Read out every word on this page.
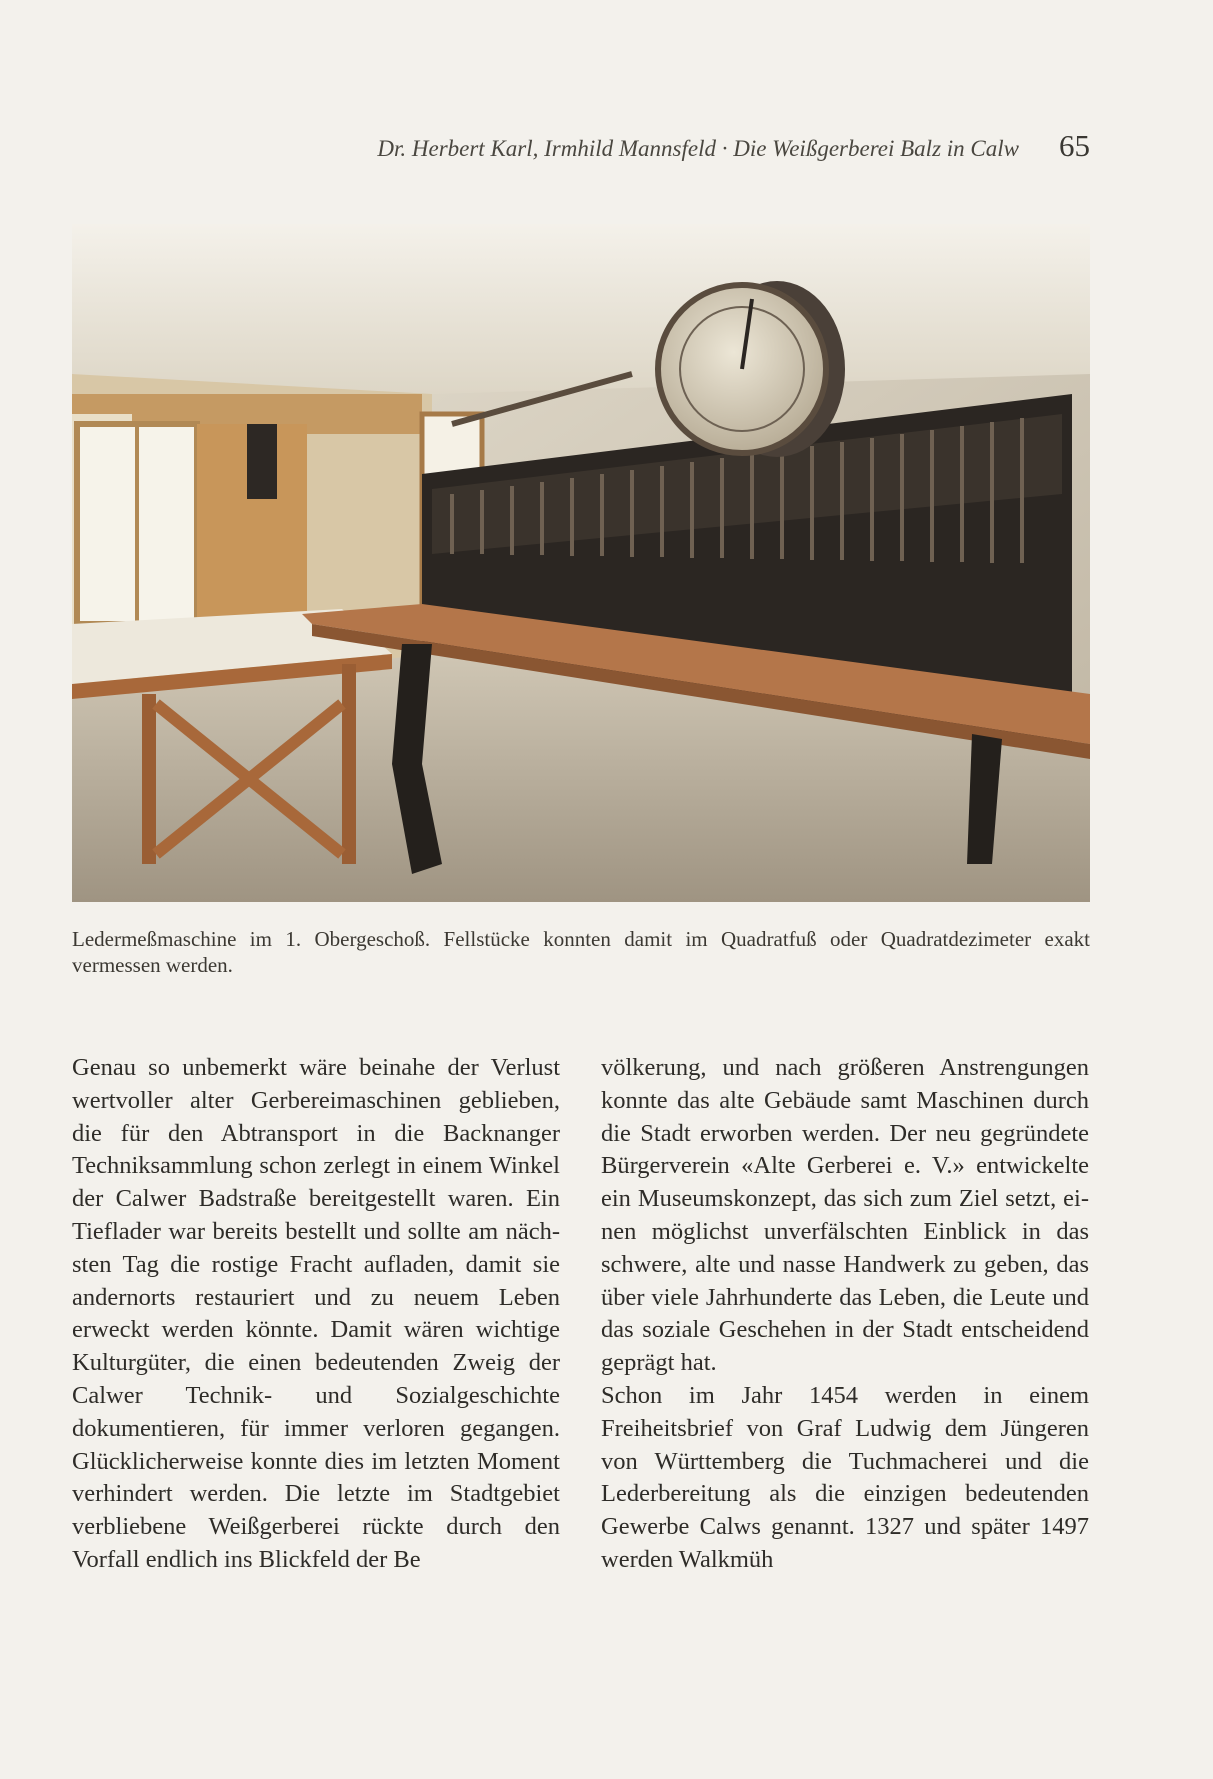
Dr. Herbert Karl, Irmhild Mannsfeld · Die Weißgerberei Balz in Calw 65
Ledermeßmaschine im 1. Obergeschoß. Fellstücke konnten damit im Quadratfuß oder Quadratdezimeter exakt vermessen werden.

Genau so unbemerkt wäre beinahe der Verlust wertvoller alter Gerbereimaschinen geblieben, die für den Abtransport in die Backnanger Techniksammlung schon zerlegt in einem Winkel der Calwer Badstraße bereitgestellt waren. Ein Tieflader war bereits bestellt und sollte am nächsten Tag die rostige Fracht aufladen, damit sie andernorts restauriert und zu neuem Leben erweckt werden könnte. Damit wären wichtige Kulturgüter, die einen bedeutenden Zweig der Calwer Technik- und Sozialgeschichte dokumentieren, für immer verloren gegangen. Glücklicherweise konnte dies im letzten Moment verhindert werden. Die letzte im Stadtgebiet verbliebene Weißgerberei rückte durch den Vorfall endlich ins Blickfeld der Be

völkerung, und nach größeren Anstrengungen konnte das alte Gebäude samt Maschinen durch die Stadt erworben werden. Der neu gegründete Bürgerverein «Alte Gerberei e. V.» entwickelte ein Museumskonzept, das sich zum Ziel setzt, einen möglichst unverfälschten Einblick in das schwere, alte und nasse Handwerk zu geben, das über viele Jahrhunderte das Leben, die Leute und das soziale Geschehen in der Stadt entscheidend geprägt hat.

Schon im Jahr 1454 werden in einem Freiheitsbrief von Graf Ludwig dem Jüngeren von Württemberg die Tuchmacherei und die Lederbereitung als die einzigen bedeutenden Gewerbe Calws genannt. 1327 und später 1497 werden Walkmüh
